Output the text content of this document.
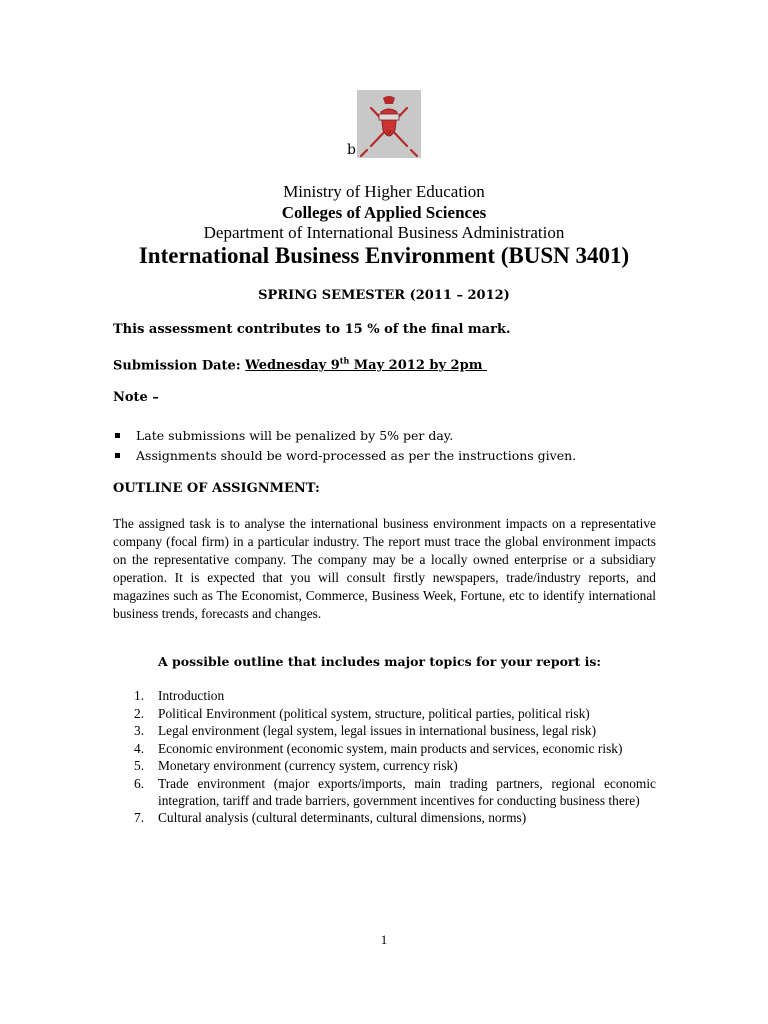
b
Ministry of Higher Education
Colleges of Applied Sciences
Department of International Business Administration
International Business Environment (BUSN 3401)
SPRING SEMESTER (2011 – 2012)
This assessment contributes to 15 % of the final mark.
Submission Date: Wednesday 9th May 2012 by 2pm
Note –
Late submissions will be penalized by 5% per day.
Assignments should be word-processed as per the instructions given.
OUTLINE OF ASSIGNMENT:
The assigned task is to analyse the international business environment impacts on a representative company (focal firm) in a particular industry. The report must trace the global environment impacts on the representative company. The company may be a locally owned enterprise or a subsidiary operation. It is expected that you will consult firstly newspapers, trade/industry reports, and magazines such as The Economist, Commerce, Business Week, Fortune, etc to identify international business trends, forecasts and changes.
A possible outline that includes major topics for your report is:
1. Introduction
2. Political Environment (political system, structure, political parties, political risk)
3. Legal environment (legal system, legal issues in international business, legal risk)
4. Economic environment (economic system, main products and services, economic risk)
5. Monetary environment (currency system, currency risk)
6. Trade environment (major exports/imports, main trading partners, regional economic integration, tariff and trade barriers, government incentives for conducting business there)
7. Cultural analysis (cultural determinants, cultural dimensions, norms)
1
